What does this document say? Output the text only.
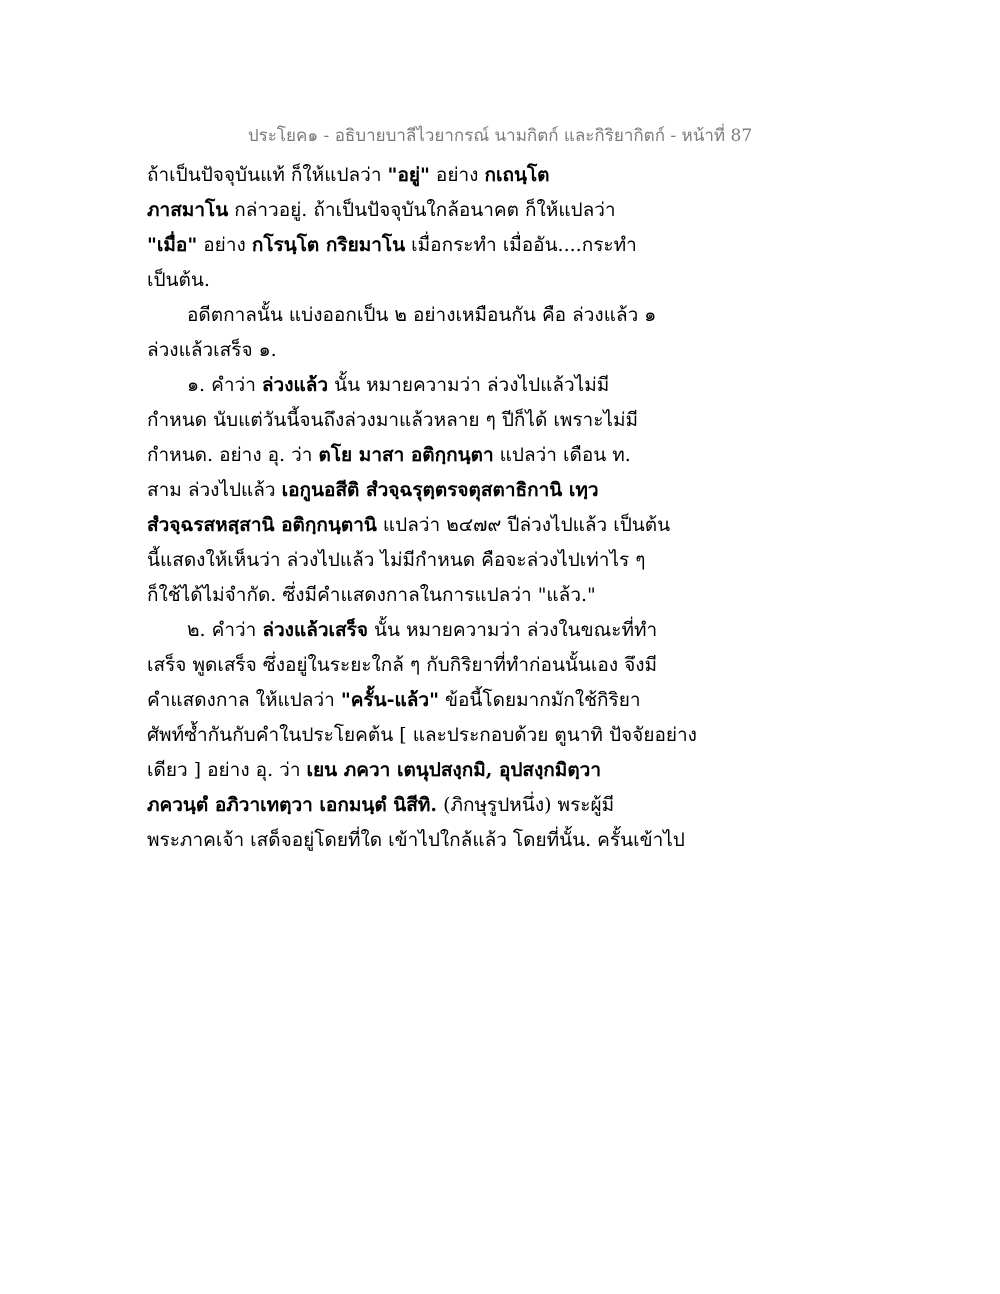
ประโยค๑ - อธิบายบาลีไวยากรณ์ นามกิตก์ และกิริยากิตก์ - หน้าที่ 87
ถ้าเป็นปัจจุบันแท้ ก็ให้แปลว่า "อยู่" อย่าง กเถนฺโต
ภาสมาโน กล่าวอยู่. ถ้าเป็นปัจจุบันใกล้อนาคต ก็ให้แปลว่า
"เมื่อ" อย่าง กโรนฺโต กริยมาโน เมื่อกระทำ เมื่ออัน....กระทำ
เป็นต้น.
อดีตกาลนั้น แบ่งออกเป็น ๒ อย่างเหมือนกัน คือ ล่วงแล้ว ๑
ล่วงแล้วเสร็จ ๑.
๑. คำว่า ล่วงแล้ว นั้น หมายความว่า ล่วงไปแล้วไม่มี
กำหนด นับแต่วันนี้จนถึงล่วงมาแล้วหลาย ๆ ปีก็ได้ เพราะไม่มี
กำหนด. อย่าง อุ. ว่า ตโย มาสา อติกฺกนฺตา แปลว่า เดือน ท.
สาม ล่วงไปแล้ว เอกูนอสีติ สํวจฺฉรุตฺตรจตุสตาธิกานิ เทฺว
สํวจฺฉรสหสฺสานิ อติกฺกนฺตานิ แปลว่า ๒๔๗๙ ปีล่วงไปแล้ว เป็นต้น
นี้แสดงให้เห็นว่า ล่วงไปแล้ว ไม่มีกำหนด คือจะล่วงไปเท่าไร ๆ
ก็ใช้ได้ไม่จำกัด. ซึ่งมีคำแสดงกาลในการแปลว่า "แล้ว."
๒. คำว่า ล่วงแล้วเสร็จ นั้น หมายความว่า ล่วงในขณะที่ทำ
เสร็จ พูดเสร็จ ซึ่งอยู่ในระยะใกล้ ๆ กับกิริยาที่ทำก่อนนั้นเอง จึงมี
คำแสดงกาล ให้แปลว่า "ครั้น-แล้ว" ข้อนี้โดยมากมักใช้กิริยา
ศัพท์ซ้ำกันกับคำในประโยคต้น [ และประกอบด้วย ตูนาทิ ปัจจัยอย่าง
เดียว ] อย่าง อุ. ว่า เยน ภควา เตนุปสงฺกมิ, อุปสงฺกมิตฺวา
ภควนฺตํ อภิวาเทตฺวา เอกมนฺตํ นิสีทิ. (ภิกษุรูปหนึ่ง) พระผู้มี
พระภาคเจ้า เสด็จอยู่โดยที่ใด เข้าไปใกล้แล้ว โดยที่นั้น. ครั้นเข้าไป
